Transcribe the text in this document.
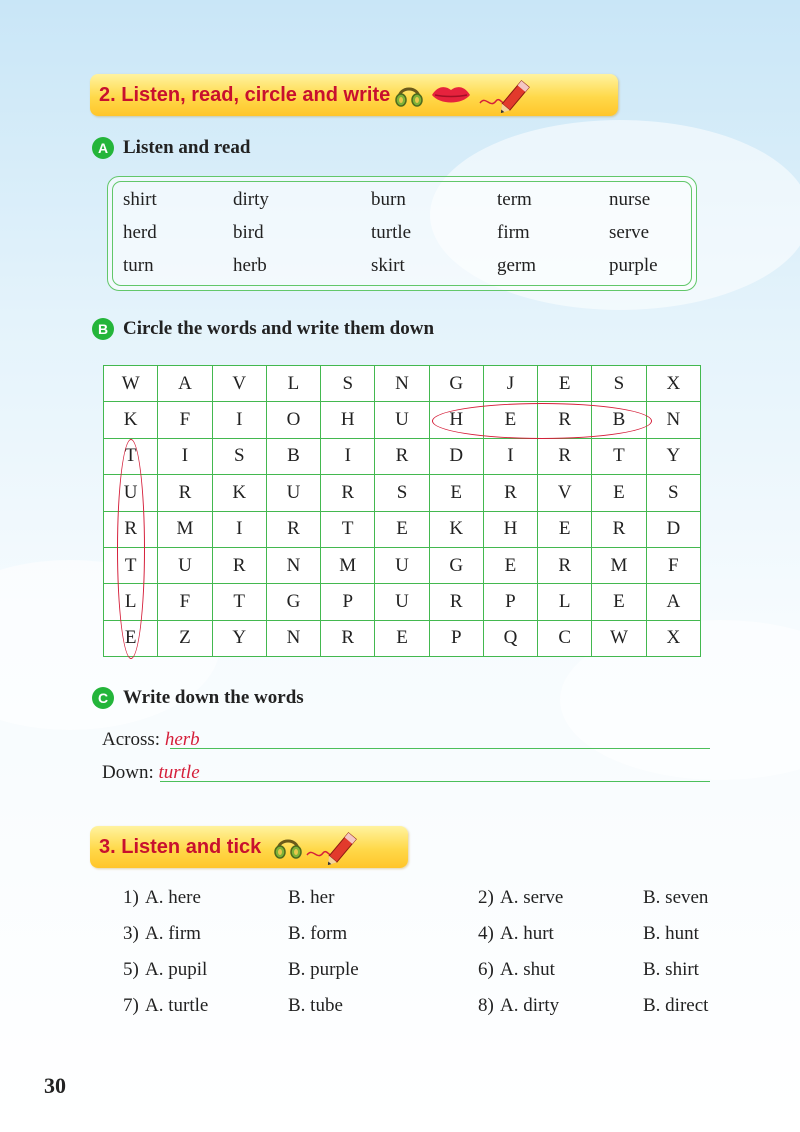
2. Listen, read, circle and write
A Listen and read
shirt	dirty	burn	term	nurse
herd	bird	turtle	firm	serve
turn	herb	skirt	germ	purple
B Circle the words and write them down
W	A	V	L	S	N	G	J	E	S	X
K	F	I	O	H	U	H	E	R	B	N
T	I	S	B	I	R	D	I	R	T	Y
U	R	K	U	R	S	E	R	V	E	S
R	M	I	R	T	E	K	H	E	R	D
T	U	R	N	M	U	G	E	R	M	F
L	F	T	G	P	U	R	P	L	E	A
E	Z	Y	N	R	E	P	Q	C	W	X
C Write down the words
Across: herb
Down: turtle
3. Listen and tick
1) A. here	B. her	2) A. serve	B. seven
3) A. firm	B. form	4) A. hurt	B. hunt
5) A. pupil	B. purple	6) A. shut	B. shirt
7) A. turtle	B. tube	8) A. dirty	B. direct
30
